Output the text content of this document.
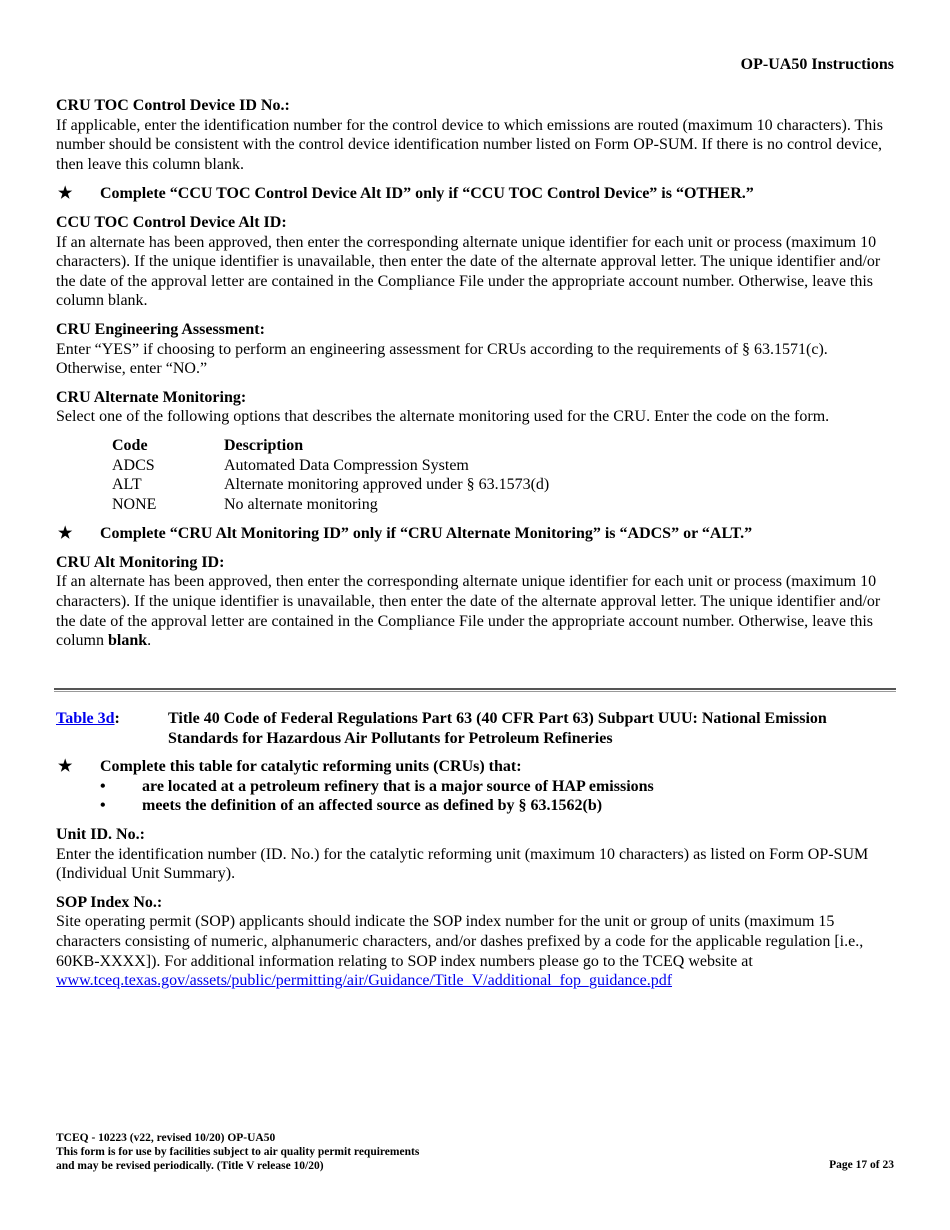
OP-UA50 Instructions

CRU TOC Control Device ID No.:

If applicable, enter the identification number for the control device to which emissions are routed (maximum 10 characters). This number should be consistent with the control device identification number listed on Form OP-SUM. If there is no control device, then leave this column blank.

★	Complete “CCU TOC Control Device Alt ID” only if “CCU TOC Control Device” is “OTHER.”

CCU TOC Control Device Alt ID:

If an alternate has been approved, then enter the corresponding alternate unique identifier for each unit or process (maximum 10 characters). If the unique identifier is unavailable, then enter the date of the alternate approval letter. The unique identifier and/or the date of the approval letter are contained in the Compliance File under the appropriate account number. Otherwise, leave this column blank.

CRU Engineering Assessment:

Enter “YES” if choosing to perform an engineering assessment for CRUs according to the requirements of § 63.1571(c). Otherwise, enter “NO.”

CRU Alternate Monitoring:

Select one of the following options that describes the alternate monitoring used for the CRU. Enter the code on the form.

Code	Description
ADCS	Automated Data Compression System
ALT	Alternate monitoring approved under § 63.1573(d)
NONE	No alternate monitoring
★	Complete “CRU Alt Monitoring ID” only if “CRU Alternate Monitoring” is “ADCS” or “ALT.”

CRU Alt Monitoring ID:

If an alternate has been approved, then enter the corresponding alternate unique identifier for each unit or process (maximum 10 characters). If the unique identifier is unavailable, then enter the date of the alternate approval letter. The unique identifier and/or the date of the approval letter are contained in the Compliance File under the appropriate account number. Otherwise, leave this column blank.

Table 3d:	Title 40 Code of Federal Regulations Part 63 (40 CFR Part 63) Subpart UUU: National Emission Standards for Hazardous Air Pollutants for Petroleum Refineries
★	Complete this table for catalytic reforming units (CRUs) that:
•	are located at a petroleum refinery that is a major source of HAP emissions
•	meets the definition of an affected source as defined by § 63.1562(b)

Unit ID. No.:

Enter the identification number (ID. No.) for the catalytic reforming unit (maximum 10 characters) as listed on Form OP-SUM (Individual Unit Summary).

SOP Index No.:

Site operating permit (SOP) applicants should indicate the SOP index number for the unit or group of units (maximum 15 characters consisting of numeric, alphanumeric characters, and/or dashes prefixed by a code for the applicable regulation [i.e., 60KB-XXXX]). For additional information relating to SOP index numbers please go to the TCEQ website at www.tceq.texas.gov/assets/public/permitting/air/Guidance/Title_V/additional_fop_guidance.pdf

TCEQ - 10223 (v22, revised 10/20) OP-UA50
This form is for use by facilities subject to air quality permit requirements
and may be revised periodically. (Title V release 10/20)	Page 17 of 23
